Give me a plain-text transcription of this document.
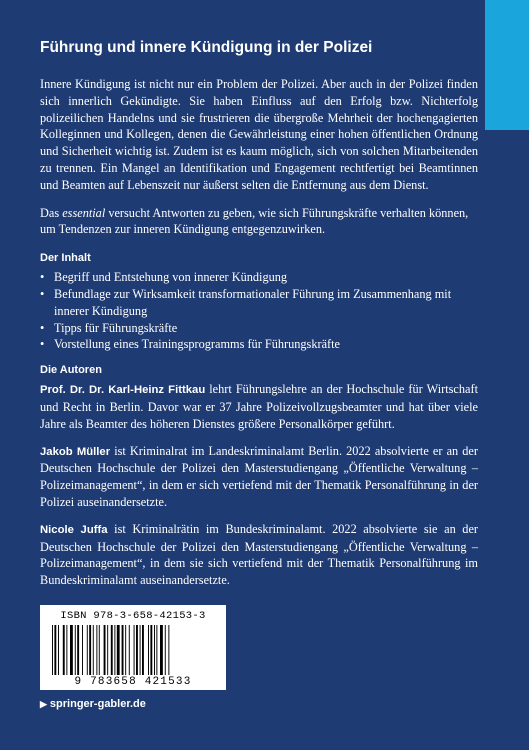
Führung und innere Kündigung in der Polizei

Innere Kündigung ist nicht nur ein Problem der Polizei. Aber auch in der Polizei finden sich innerlich Gekündigte. Sie haben Einfluss auf den Erfolg bzw. Nichterfolg polizeilichen Handelns und sie frustrieren die übergroße Mehrheit der hochengagierten Kolleginnen und Kollegen, denen die Gewährleistung einer hohen öffentlichen Ordnung und Sicherheit wichtig ist. Zudem ist es kaum möglich, sich von solchen Mitarbeitenden zu trennen. Ein Mangel an Identifikation und Engagement rechtfertigt bei Beamtinnen und Beamten auf Lebenszeit nur äußerst selten die Entfernung aus dem Dienst.

Das essential versucht Antworten zu geben, wie sich Führungskräfte verhalten können, um Tendenzen zur inneren Kündigung entgegenzuwirken.

Der Inhalt
• Begriff und Entstehung von innerer Kündigung
• Befundlage zur Wirksamkeit transformationaler Führung im Zusammenhang mit innerer Kündigung
• Tipps für Führungskräfte
• Vorstellung eines Trainingsprogramms für Führungskräfte
Die Autoren

Prof. Dr. Dr. Karl-Heinz Fittkau lehrt Führungslehre an der Hochschule für Wirtschaft und Recht in Berlin. Davor war er 37 Jahre Polizeivollzugsbeamter und hat über viele Jahre als Beamter des höheren Dienstes größere Personalkörper geführt.

Jakob Müller ist Kriminalrat im Landeskriminalamt Berlin. 2022 absolvierte er an der Deutschen Hochschule der Polizei den Masterstudiengang „Öffentliche Verwaltung – Polizeimanagement“, in dem er sich vertiefend mit der Thematik Personalführung in der Polizei auseinandersetzte.

Nicole Juffa ist Kriminalrätin im Bundeskriminalamt. 2022 absolvierte sie an der Deutschen Hochschule der Polizei den Masterstudiengang „Öffentliche Verwaltung – Polizeimanagement“, in dem sie sich vertiefend mit der Thematik Personalführung im Bundeskriminalamt auseinandersetzte.

ISBN 978-3-658-42153-3
9 783658 421533
▶ springer-gabler.de
